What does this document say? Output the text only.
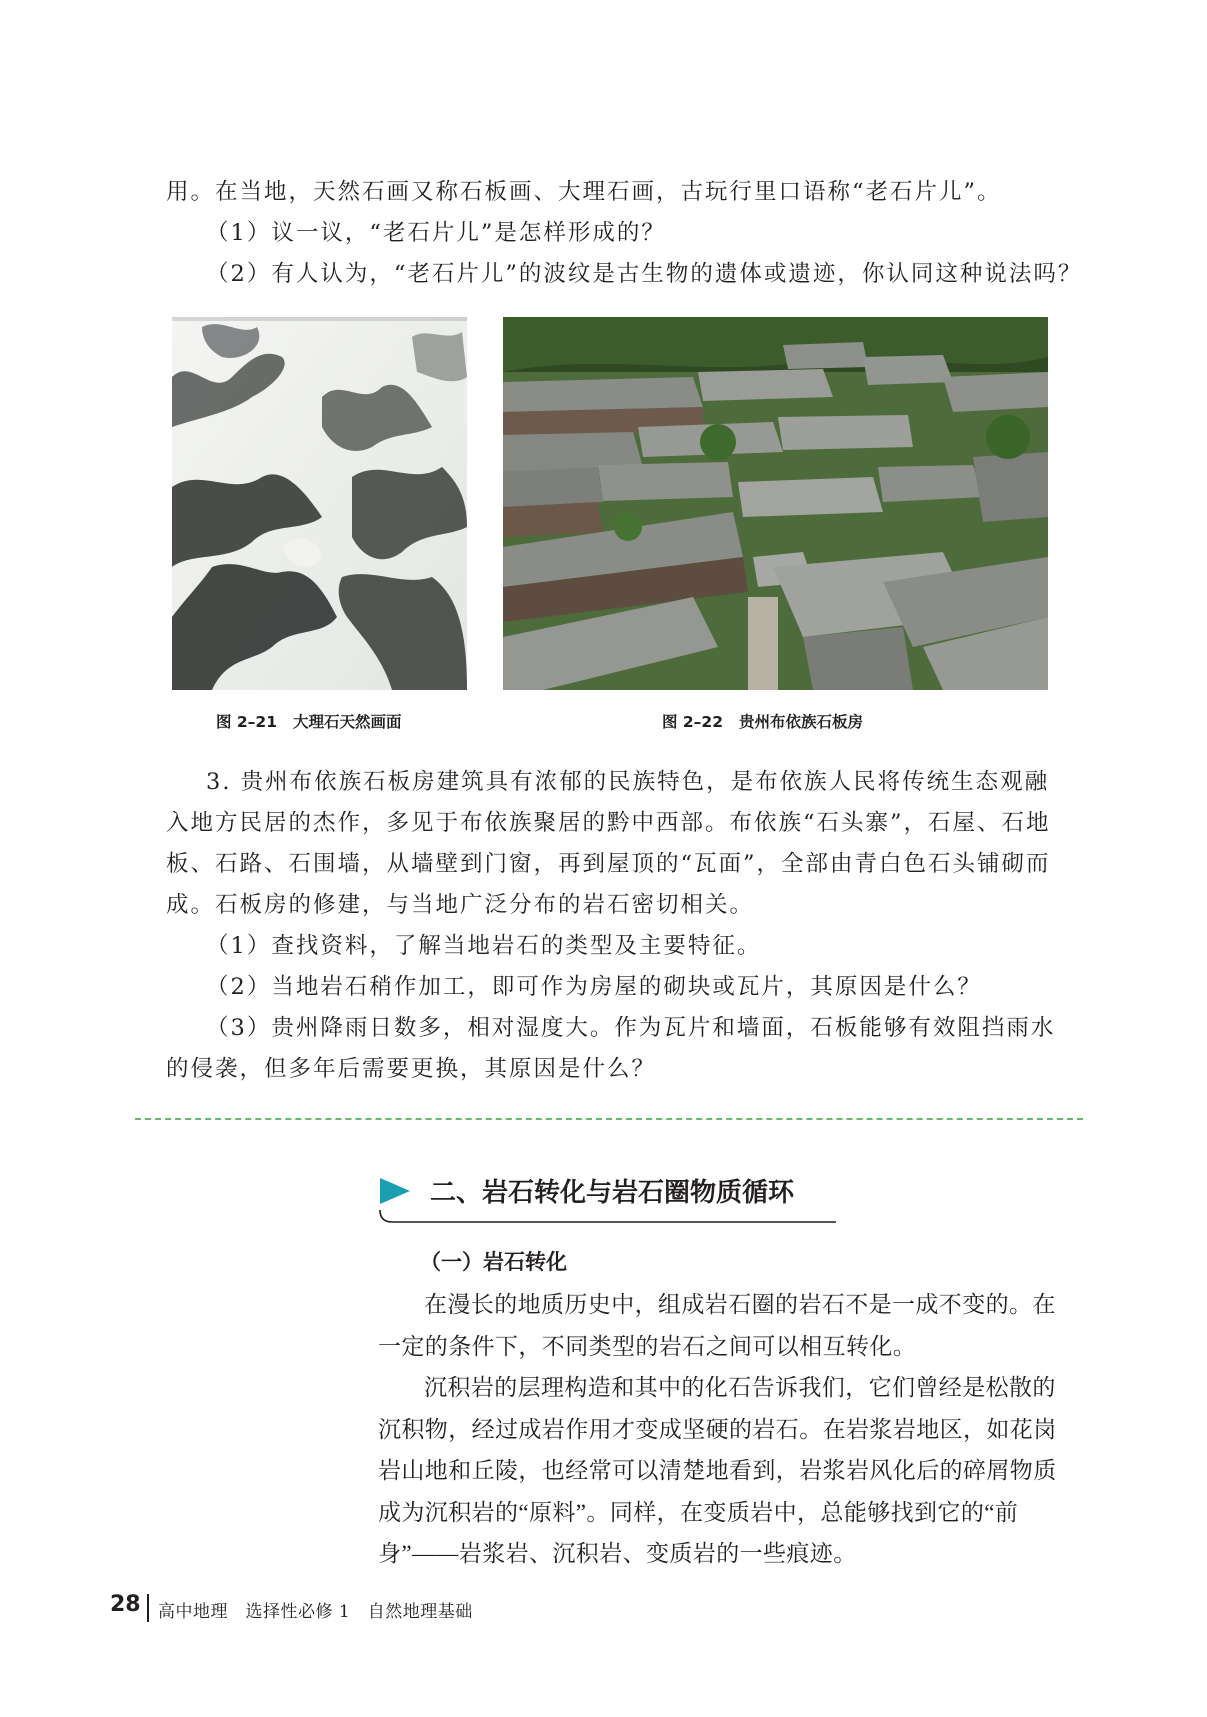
用。在当地，天然石画又称石板画、大理石画，古玩行里口语称“老石片儿”。
（1）议一议，“老石片儿”是怎样形成的？
（2）有人认为，“老石片儿”的波纹是古生物的遗体或遗迹，你认同这种说法吗？
图 2–21 大理石天然画面	图 2–22 贵州布依族石板房
3. 贵州布依族石板房建筑具有浓郁的民族特色，是布依族人民将传统生态观融
入地方民居的杰作，多见于布依族聚居的黔中西部。布依族“石头寨”，石屋、石地
板、石路、石围墙，从墙壁到门窗，再到屋顶的“瓦面”，全部由青白色石头铺砌而
成。石板房的修建，与当地广泛分布的岩石密切相关。
（1）查找资料，了解当地岩石的类型及主要特征。
（2）当地岩石稍作加工，即可作为房屋的砌块或瓦片，其原因是什么？
（3）贵州降雨日数多，相对湿度大。作为瓦片和墙面，石板能够有效阻挡雨水
的侵袭，但多年后需要更换，其原因是什么？
二、岩石转化与岩石圈物质循环
（一）岩石转化
在漫长的地质历史中，组成岩石圈的岩石不是一成不变的。在
一定的条件下，不同类型的岩石之间可以相互转化。
沉积岩的层理构造和其中的化石告诉我们，它们曾经是松散的
沉积物，经过成岩作用才变成坚硬的岩石。在岩浆岩地区，如花岗
岩山地和丘陵，也经常可以清楚地看到，岩浆岩风化后的碎屑物质
成为沉积岩的“原料”。同样，在变质岩中，总能够找到它的“前
身”——岩浆岩、沉积岩、变质岩的一些痕迹。
28 高中地理　选择性必修 1　自然地理基础
